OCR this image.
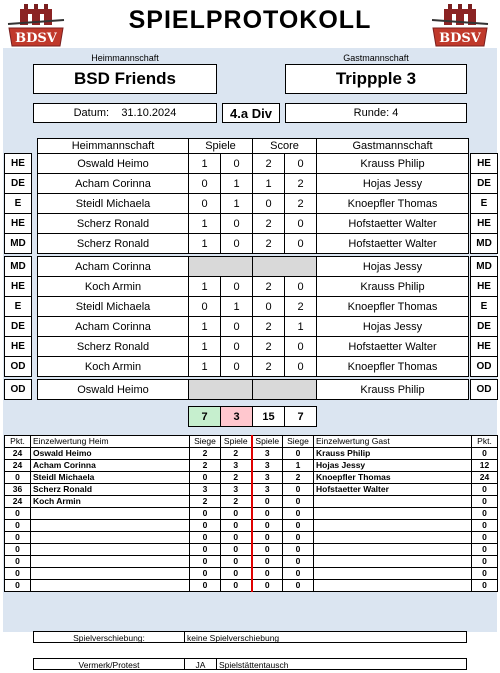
BDSV	BDSV
SPIELPROTOKOLL
Heimmannschaft	Gastmannschaft
BSD Friends	Trippple 3
Datum:
31.10.2024	4.a Div	Runde:
4
		Heimmannschaft	Spiele		Score		Gastmannschaft		
HE		Oswald Heimo	1	0	2	0	Krauss Philip		HE
DE		Acham Corinna	0	1	1	2	Hojas Jessy		DE
E		Steidl Michaela	0	1	0	2	Knoepfler Thomas		E
HE		Scherz Ronald	1	0	2	0	Hofstaetter Walter		HE
MD		Scherz Ronald	1	0	2	0	Hofstaetter Walter		MD

MD		Acham Corinna					Hojas Jessy		MD
HE		Koch Armin	1	0	2	0	Krauss Philip		HE
E		Steidl Michaela	0	1	0	2	Knoepfler Thomas		E
DE		Acham Corinna	1	0	2	1	Hojas Jessy		DE
HE		Scherz Ronald	1	0	2	0	Hofstaetter Walter		HE
OD		Koch Armin	1	0	2	0	Knoepfler Thomas		OD

OD		Oswald Heimo					Krauss Philip		OD

			7	3	15	7			
Pkt.	Einzelwertung Heim	Siege	Spiele	Spiele	Siege	Einzelwertung Gast	Pkt.
24	Oswald Heimo	2	2	3	0	Krauss Philip	0
24	Acham Corinna	2	3	3	1	Hojas Jessy	12
0	Steidl Michaela	0	2	3	2	Knoepfler Thomas	24
36	Scherz Ronald	3	3	3	0	Hofstaetter Walter	0
24	Koch Armin	2	2	0	0		0
0		0	0	0	0		0
0		0	0	0	0		0
0		0	0	0	0		0
0		0	0	0	0		0
0		0	0	0	0		0
0		0	0	0	0		0
0		0	0	0	0		0
Spielverschiebung:	keine Spielverschiebung
Vermerk/Protest	JA	Spielstättentausch
